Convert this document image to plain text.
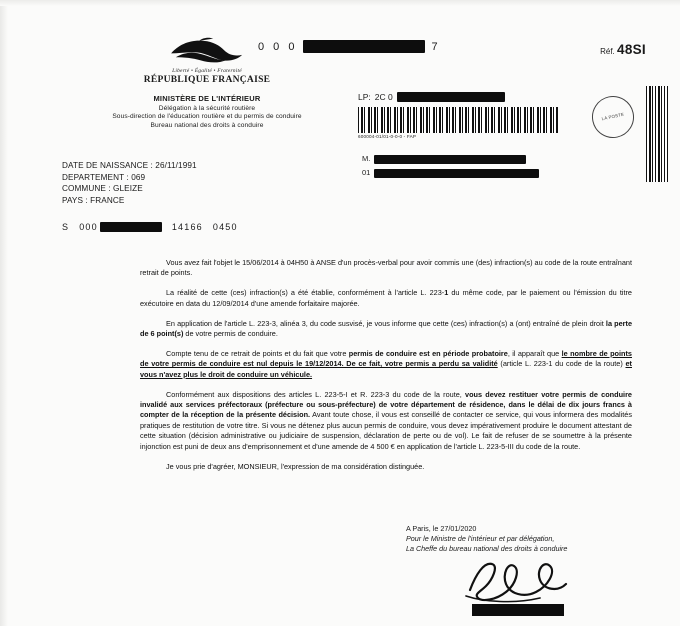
Liberté • Égalité • Fraternité
RÉPUBLIQUE FRANÇAISE
MINISTÈRE DE L'INTÉRIEUR
Délégation à la sécurité routière
Sous-direction de l'éducation routière et du permis de conduire
Bureau national des droits à conduire
0 0 0	7	Réf. 48SI
LP: 2C 0
600004-01/01-0-0-0 - FAP
LA POSTE
M.
01
DATE DE NAISSANCE : 26/11/1991
DEPARTEMENT : 069
COMMUNE : GLEIZE
PAYS : FRANCE
S 000	14166 0450

Vous avez fait l'objet le 15/06/2014 à 04H50 à ANSE d'un procès-verbal pour avoir commis une (des) infraction(s) au code de la route entraînant retrait de points.

La réalité de cette (ces) infraction(s) a été établie, conformément à l'article L. 223-1 du même code, par le paiement ou l'émission du titre exécutoire en data du 12/09/2014 d'une amende forfaitaire majorée.

En application de l'article L. 223-3, alinéa 3, du code susvisé, je vous informe que cette (ces) infraction(s) a (ont) entraîné de plein droit la perte de 6 point(s) de votre permis de conduire.

Compte tenu de ce retrait de points et du fait que votre permis de conduire est en période probatoire, il apparaît que le nombre de points de votre permis de conduire est nul depuis le 19/12/2014. De ce fait, votre permis a perdu sa validité (article L. 223-1 du code de la route) et vous n'avez plus le droit de conduire un véhicule.

Conformément aux dispositions des articles L. 223-5-I et R. 223-3 du code de la route, vous devez restituer votre permis de conduire invalidé aux services préfectoraux (préfecture ou sous-préfecture) de votre département de résidence, dans le délai de dix jours francs à compter de la réception de la présente décision. Avant toute chose, il vous est conseillé de contacter ce service, qui vous informera des modalités pratiques de restitution de votre titre. Si vous ne détenez plus aucun permis de conduire, vous devez impérativement produire le document attestant de cette situation (décision administrative ou judiciaire de suspension, déclaration de perte ou de vol). Le fait de refuser de se soumettre à la présente injonction est puni de deux ans d'emprisonnement et d'une amende de 4 500 € en application de l'article L. 223-5-III du code de la route.

Je vous prie d'agréer, MONSIEUR, l'expression de ma considération distinguée.

A Paris, le 27/01/2020
Pour le Ministre de l'intérieur et par délégation,
La Cheffe du bureau national des droits à conduire
